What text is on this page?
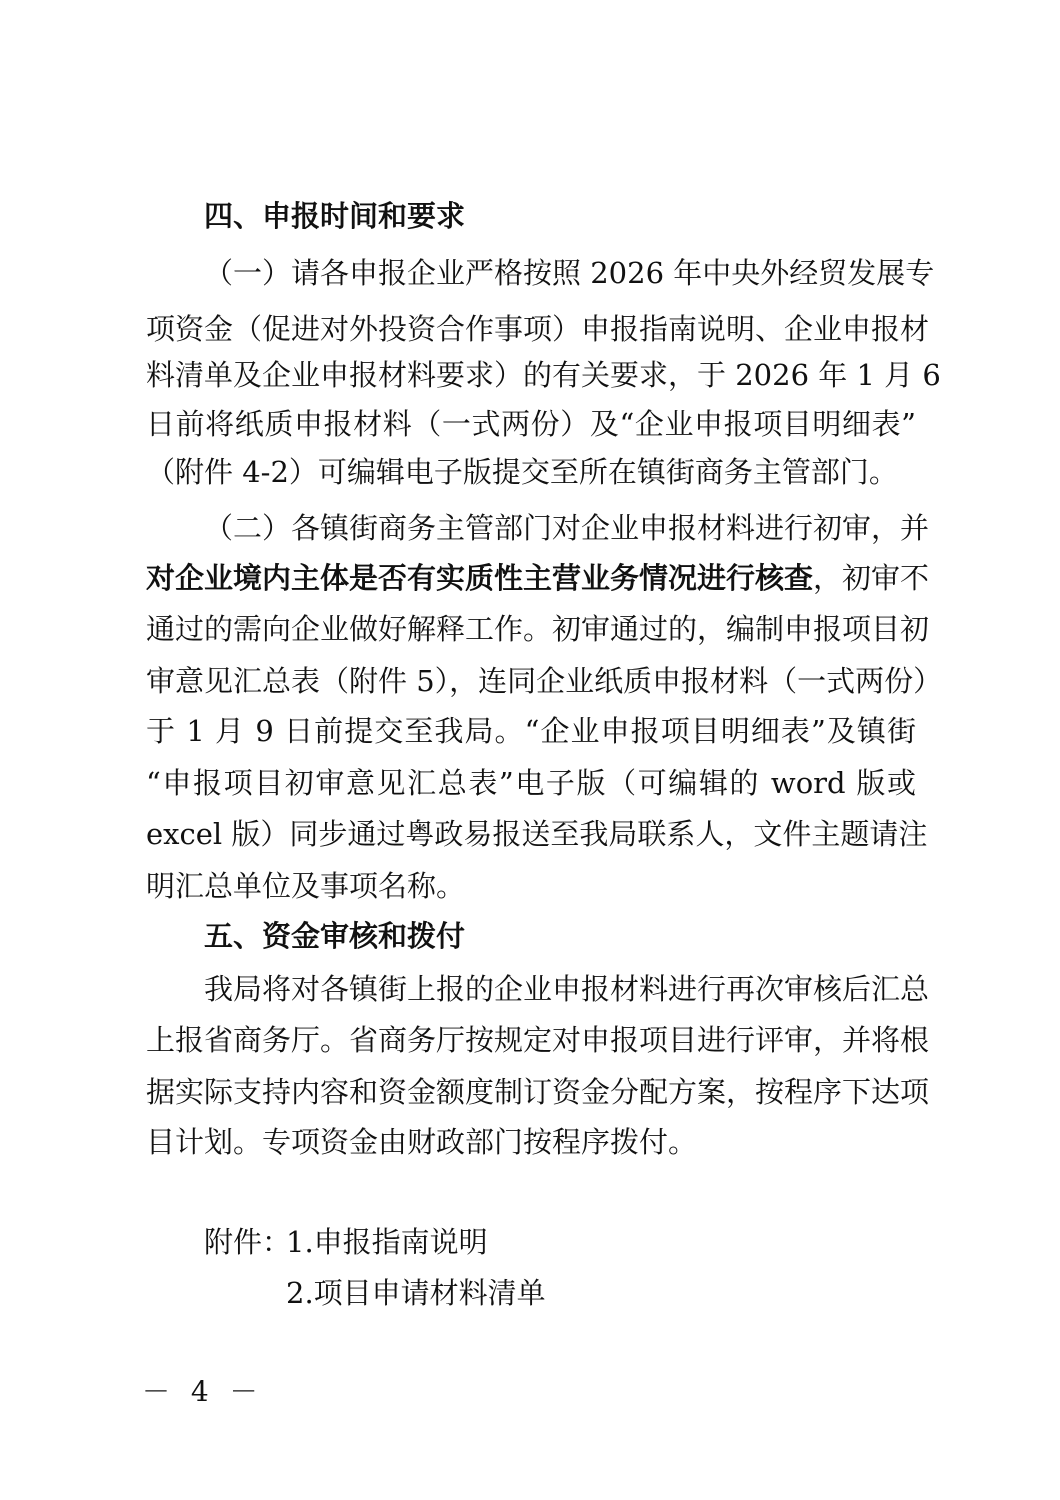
四、申报时间和要求
（一）请各申报企业严格按照 2026 年中央外经贸发展专
项资金（促进对外投资合作事项）申报指南说明、企业申报材
料清单及企业申报材料要求）的有关要求，于 2026 年 1 月 6
日前将纸质申报材料（一式两份）及“企业申报项目明细表”
（附件 4-2）可编辑电子版提交至所在镇街商务主管部门。
（二）各镇街商务主管部门对企业申报材料进行初审，并
对企业境内主体是否有实质性主营业务情况进行核查，初审不
通过的需向企业做好解释工作。初审通过的，编制申报项目初
审意见汇总表（附件 5），连同企业纸质申报材料（一式两份）
于 1 月 9 日前提交至我局。“企业申报项目明细表”及镇街
“申报项目初审意见汇总表”电子版（可编辑的 word 版或
excel 版）同步通过粤政易报送至我局联系人，文件主题请注
明汇总单位及事项名称。
五、资金审核和拨付
我局将对各镇街上报的企业申报材料进行再次审核后汇总
上报省商务厅。省商务厅按规定对申报项目进行评审，并将根
据实际支持内容和资金额度制订资金分配方案，按程序下达项
目计划。专项资金由财政部门按程序拨付。
附件：
1.申报指南说明
2.项目申请材料清单
－ 4 －
